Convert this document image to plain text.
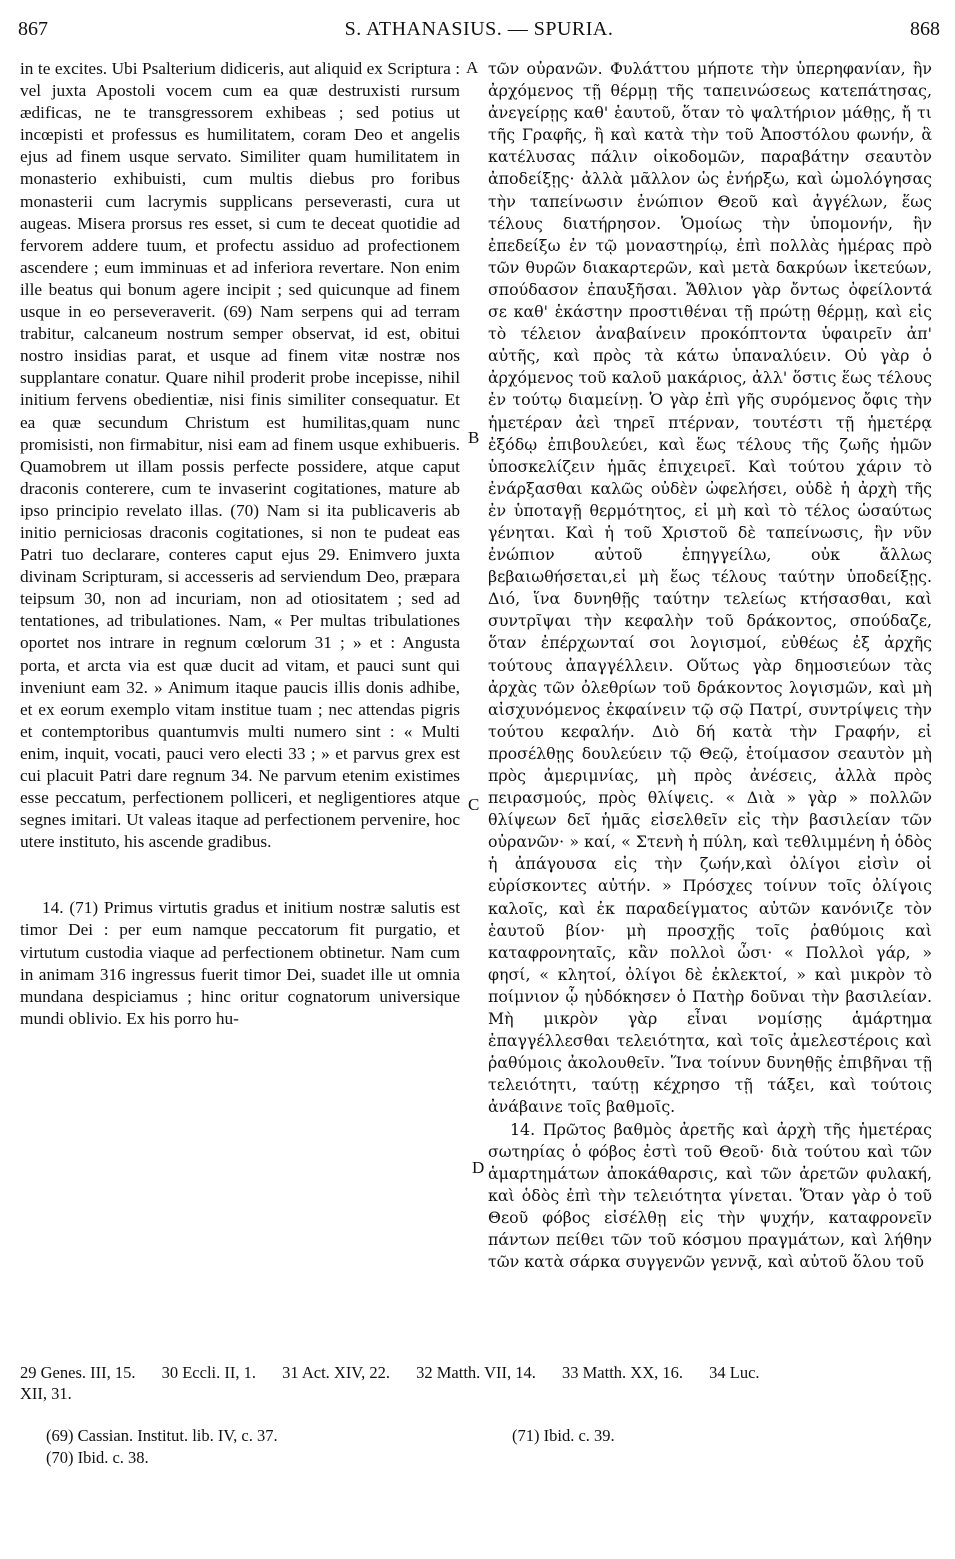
867	S. ATHANASIUS. — SPURIA.	868

in te excites. Ubi Psalterium didiceris, aut aliquid ex Scriptura : vel juxta Apostoli vocem cum ea quæ destruxisti rursum ædificas, ne te transgressorem exhibeas ; sed potius ut incœpisti et professus es humilitatem, coram Deo et angelis ejus ad finem usque servato. Similiter quam humilitatem in monasterio exhibuisti, cum multis diebus pro foribus monasterii cum lacrymis supplicans perseverasti, cura ut augeas. Misera prorsus res esset, si cum te deceat quotidie ad fervorem addere tuum, et profectu assiduo ad profectionem ascendere ; eum imminuas et ad inferiora revertare. Non enim ille beatus qui bonum agere incipit ; sed quicunque ad finem usque in eo perseveraverit. (69) Nam serpens qui ad terram trabitur, calcaneum nostrum semper observat, id est, obitui nostro insidias parat, et usque ad finem vitæ nostræ nos supplantare conatur. Quare nihil proderit probe incepisse, nihil initium fervens obedientiæ, nisi finis similiter consequatur. Et ea quæ secundum Christum est humilitas,quam nunc promisisti, non firmabitur, nisi eam ad finem usque exhibueris. Quamobrem ut illam possis perfecte possidere, atque caput draconis conterere, cum te invaserint cogitationes, mature ab ipso principio revelato illas. (70) Nam si ita publicaveris ab initio perniciosas draconis cogitationes, si non te pudeat eas Patri tuo declarare, conteres caput ejus 29. Enimvero juxta divinam Scripturam, si accesseris ad serviendum Deo, præpara teipsum 30, non ad incuriam, non ad otiositatem ; sed ad tentationes, ad tribulationes. Nam, « Per multas tribulationes oportet nos intrare in regnum cœlorum 31 ; » et : Angusta porta, et arcta via est quæ ducit ad vitam, et pauci sunt qui inveniunt eam 32. » Animum itaque paucis illis donis adhibe, et ex eorum exemplo vitam institue tuam ; nec attendas pigris et contemptoribus quantumvis multi numero sint : « Multi enim, inquit, vocati, pauci vero electi 33 ; » et parvus grex est cui placuit Patri dare regnum 34. Ne parvum etenim existimes esse peccatum, perfectionem polliceri, et negligentiores atque segnes imitari. Ut valeas itaque ad perfectionem pervenire, hoc utere instituto, his ascende gradibus.

14. (71) Primus virtutis gradus et initium nostræ salutis est timor Dei : per eum namque peccatorum fit purgatio, et virtutum custodia viaque ad perfectionem obtinetur. Nam cum in animam 316 ingressus fuerit timor Dei, suadet ille ut omnia mundana despiciamus ; hinc oritur cognatorum universique mundi oblivio. Ex his porro hu-

A
B
C
D

τῶν οὐρανῶν. Φυλάττου μήποτε τὴν ὑπερηφανίαν, ἣν ἀρχόμενος τῇ θέρμῃ τῆς ταπεινώσεως κατεπάτησας, ἀνεγείρῃς καθ' ἑαυτοῦ, ὅταν τὸ ψαλτήριον μάθῃς, ἤ τι τῆς Γραφῆς, ἢ καὶ κατὰ τὴν τοῦ Ἀποστόλου φωνήν, ἃ κατέλυσας πάλιν οἰκοδομῶν, παραβάτην σεαυτὸν ἀποδείξῃς· ἀλλὰ μᾶλλον ὡς ἐνήρξω, καὶ ὡμολόγησας τὴν ταπείνωσιν ἐνώπιον Θεοῦ καὶ ἀγγέλων, ἕως τέλους διατήρησον. Ὁμοίως τὴν ὑπομονήν, ἣν ἐπεδείξω ἐν τῷ μοναστηρίῳ, ἐπὶ πολλὰς ἡμέρας πρὸ τῶν θυρῶν διακαρτερῶν, καὶ μετὰ δακρύων ἱκετεύων, σπούδασον ἐπαυξῆσαι. Ἄθλιον γὰρ ὄντως ὀφείλοντά σε καθ' ἑκάστην προστιθέναι τῇ πρώτῃ θέρμῃ, καὶ εἰς τὸ τέλειον ἀναβαίνειν προκόπτοντα ὑφαιρεῖν ἀπ' αὐτῆς, καὶ πρὸς τὰ κάτω ὑπαναλύειν. Οὐ γὰρ ὁ ἀρχόμενος τοῦ καλοῦ μακάριος, ἀλλ' ὅστις ἕως τέλους ἐν τούτῳ διαμείνῃ. Ὁ γὰρ ἐπὶ γῆς συρόμενος ὄφις τὴν ἡμετέραν ἀεὶ τηρεῖ πτέρναν, τουτέστι τῇ ἡμετέρᾳ ἐξόδῳ ἐπιβουλεύει, καὶ ἕως τέλους τῆς ζωῆς ἡμῶν ὑποσκελίζειν ἡμᾶς ἐπιχειρεῖ. Καὶ τούτου χάριν τὸ ἐνάρξασθαι καλῶς οὐδὲν ὠφελήσει, οὐδὲ ἡ ἀρχὴ τῆς ἐν ὑποταγῇ θερμότητος, εἰ μὴ καὶ τὸ τέλος ὡσαύτως γένηται. Καὶ ἡ τοῦ Χριστοῦ δὲ ταπείνωσις, ἣν νῦν ἐνώπιον αὐτοῦ ἐπηγγείλω, οὐκ ἄλλως βεβαιωθήσεται,εἰ μὴ ἕως τέλους ταύτην ὑποδείξῃς. Διό, ἵνα δυνηθῇς ταύτην τελείως κτήσασθαι, καὶ συντρῖψαι τὴν κεφαλὴν τοῦ δράκοντος, σπούδαζε, ὅταν ἐπέρχωνταί σοι λογισμοί, εὐθέως ἐξ ἀρχῆς τούτους ἀπαγγέλλειν. Οὕτως γὰρ δημοσιεύων τὰς ἀρχὰς τῶν ὀλεθρίων τοῦ δράκοντος λογισμῶν, καὶ μὴ αἰσχυνόμενος ἐκφαίνειν τῷ σῷ Πατρί, συντρίψεις τὴν τούτου κεφαλήν. Διὸ δή κατὰ τὴν Γραφήν, εἰ προσέλθῃς δουλεύειν τῷ Θεῷ, ἑτοίμασον σεαυτὸν μὴ πρὸς ἀμεριμνίας, μὴ πρὸς ἀνέσεις, ἀλλὰ πρὸς πειρασμούς, πρὸς θλίψεις. « Διὰ » γὰρ » πολλῶν θλίψεων δεῖ ἡμᾶς εἰσελθεῖν εἰς τὴν βασιλείαν τῶν οὐρανῶν· » καί, « Στενὴ ἡ πύλη, καὶ τεθλιμμένη ἡ ὁδὸς ἡ ἀπάγουσα εἰς τὴν ζωήν,καὶ ὀλίγοι εἰσὶν οἱ εὑρίσκοντες αὐτήν. » Πρόσχες τοίνυν τοῖς ὀλίγοις καλοῖς, καὶ ἐκ παραδείγματος αὐτῶν κανόνιζε τὸν ἑαυτοῦ βίον· μὴ προσχῇς τοῖς ῥαθύμοις καὶ καταφρονηταῖς, κἂν πολλοὶ ὦσι· « Πολλοὶ γάρ, » φησί, « κλητοί, ὀλίγοι δὲ ἐκλεκτοί, » καὶ μικρὸν τὸ ποίμνιον ᾧ ηὐδόκησεν ὁ Πατὴρ δοῦναι τὴν βασιλείαν. Μὴ μικρὸν γὰρ εἶναι νομίσῃς ἁμάρτημα ἐπαγγέλλεσθαι τελειότητα, καὶ τοῖς ἀμελεστέροις καὶ ῥαθύμοις ἀκολουθεῖν. Ἵνα τοίνυν δυνηθῇς ἐπιβῆναι τῇ τελειότητι, ταύτῃ κέχρησο τῇ τάξει, καὶ τούτοις ἀνάβαινε τοῖς βαθμοῖς.

14. Πρῶτος βαθμὸς ἀρετῆς καὶ ἀρχὴ τῆς ἡμετέρας σωτηρίας ὁ φόβος ἐστὶ τοῦ Θεοῦ· διὰ τούτου καὶ τῶν ἁμαρτημάτων ἀποκάθαρσις, καὶ τῶν ἀρετῶν φυλακή, καὶ ὁδὸς ἐπὶ τὴν τελειότητα γίνεται. Ὅταν γὰρ ὁ τοῦ Θεοῦ φόβος εἰσέλθῃ εἰς τὴν ψυχήν, καταφρονεῖν πάντων πείθει τῶν τοῦ κόσμου πραγμάτων, καὶ λήθην τῶν κατὰ σάρκα συγγενῶν γεννᾷ, καὶ αὐτοῦ ὅλου τοῦ

29 Genes. III, 15. 30 Eccli. II, 1. 31 Act. XIV, 22. 32 Matth. VII, 14. 33 Matth. XX, 16. 34 Luc.
XII, 31.
(69) Cassian. Institut. lib. IV, c. 37.
(70) Ibid. c. 38.
(71) Ibid. c. 39.
